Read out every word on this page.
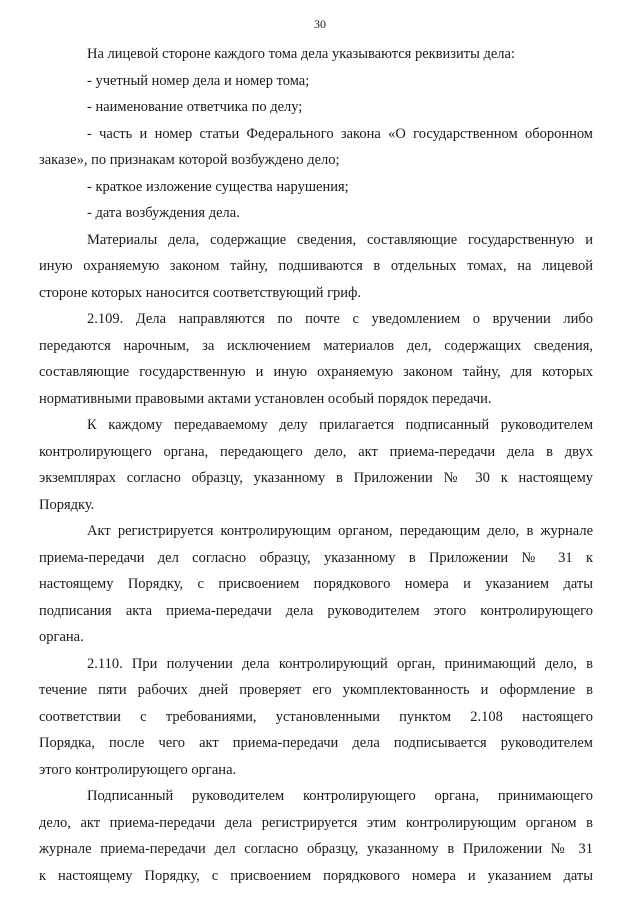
30
На лицевой стороне каждого тома дела указываются реквизиты дела:
- учетный номер дела и номер тома;
- наименование ответчика по делу;
- часть и номер статьи Федерального закона «О государственном оборонном
заказе», по признакам которой возбуждено дело;
- краткое изложение существа нарушения;
- дата возбуждения дела.
Материалы дела, содержащие сведения, составляющие государственную и
иную охраняемую законом тайну, подшиваются в отдельных томах, на лицевой
стороне которых наносится соответствующий гриф.
2.109. Дела направляются по почте с уведомлением о вручении либо
передаются нарочным, за исключением материалов дел, содержащих сведения,
составляющие государственную и иную охраняемую законом тайну, для которых
нормативными правовыми актами установлен особый порядок передачи.
К каждому передаваемому делу прилагается подписанный руководителем
контролирующего органа, передающего дело, акт приема-передачи дела в двух
экземплярах согласно образцу, указанному в Приложении № 30 к настоящему
Порядку.
Акт регистрируется контролирующим органом, передающим дело, в журнале
приема-передачи дел согласно образцу, указанному в Приложении № 31 к
настоящему Порядку, с присвоением порядкового номера и указанием даты
подписания акта приема-передачи дела руководителем этого контролирующего
органа.
2.110. При получении дела контролирующий орган, принимающий дело, в
течение пяти рабочих дней проверяет его укомплектованность и оформление в
соответствии с требованиями, установленными пунктом 2.108 настоящего
Порядка, после чего акт приема-передачи дела подписывается руководителем
этого контролирующего органа.
Подписанный руководителем контролирующего органа, принимающего
дело, акт приема-передачи дела регистрируется этим контролирующим органом в
журнале приема-передачи дел согласно образцу, указанному в Приложении № 31
к настоящему Порядку, с присвоением порядкового номера и указанием даты
